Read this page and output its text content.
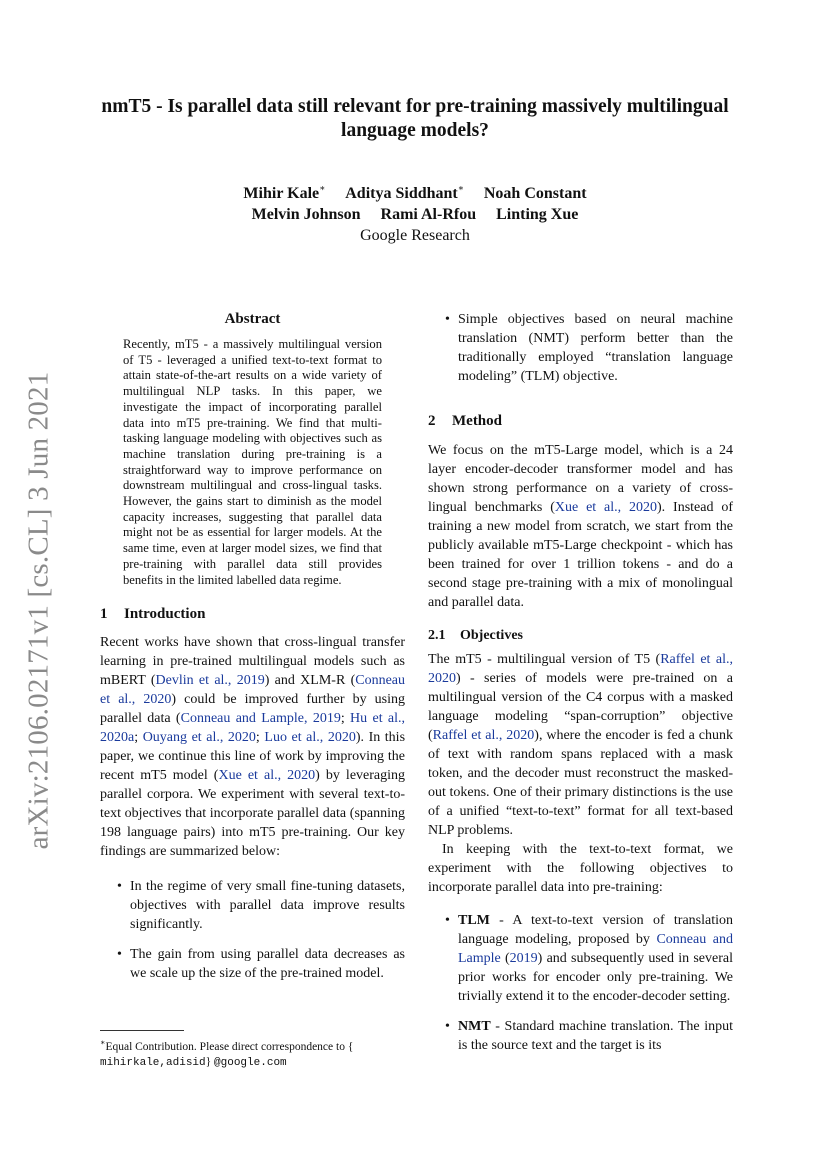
arXiv:2106.02171v1 [cs.CL] 3 Jun 2021
nmT5 - Is parallel data still relevant for pre-training massively multilingual language models?
Mihir Kale∗ Aditya Siddhant∗ Noah Constant
Melvin Johnson Rami Al-Rfou Linting Xue
Google Research
Abstract

Recently, mT5 - a massively multilingual version of T5 - leveraged a unified text-to-text format to attain state-of-the-art results on a wide variety of multilingual NLP tasks. In this paper, we investigate the impact of incorporating parallel data into mT5 pre-training. We find that multi-tasking language modeling with objectives such as machine translation during pre-training is a straightforward way to improve performance on downstream multilingual and cross-lingual tasks. However, the gains start to diminish as the model capacity increases, suggesting that parallel data might not be as essential for larger models. At the same time, even at larger model sizes, we find that pre-training with parallel data still provides benefits in the limited labelled data regime.

1 Introduction

Recent works have shown that cross-lingual transfer learning in pre-trained multilingual models such as mBERT (Devlin et al., 2019) and XLM-R (Conneau et al., 2020) could be improved further by using parallel data (Conneau and Lample, 2019; Hu et al., 2020a; Ouyang et al., 2020; Luo et al., 2020). In this paper, we continue this line of work by improving the recent mT5 model (Xue et al., 2020) by leveraging parallel corpora. We experiment with several text-to-text objectives that incorporate parallel data (spanning 198 language pairs) into mT5 pre-training. Our key findings are summarized below:

• In the regime of very small fine-tuning datasets, objectives with parallel data improve results significantly.
• The gain from using parallel data decreases as we scale up the size of the pre-trained model.
∗Equal Contribution. Please direct correspondence to {
mihirkale,adisid} @google.com
• Simple objectives based on neural machine translation (NMT) perform better than the traditionally employed “translation language modeling” (TLM) objective.
2 Method

We focus on the mT5-Large model, which is a 24 layer encoder-decoder transformer model and has shown strong performance on a variety of cross-lingual benchmarks (Xue et al., 2020). Instead of training a new model from scratch, we start from the publicly available mT5-Large checkpoint - which has been trained for over 1 trillion tokens - and do a second stage pre-training with a mix of monolingual and parallel data.

2.1 Objectives

The mT5 - multilingual version of T5 (Raffel et al., 2020) - series of models were pre-trained on a multilingual version of the C4 corpus with a masked language modeling “span-corruption” objective (Raffel et al., 2020), where the encoder is fed a chunk of text with random spans replaced with a mask token, and the decoder must reconstruct the masked-out tokens. One of their primary distinctions is the use of a unified “text-to-text” format for all text-based NLP problems.

In keeping with the text-to-text format, we experiment with the following objectives to incorporate parallel data into pre-training:

• TLM - A text-to-text version of translation language modeling, proposed by Conneau and Lample (2019) and subsequently used in several prior works for encoder only pre-training. We trivially extend it to the encoder-decoder setting.
• NMT - Standard machine translation. The input is the source text and the target is its
